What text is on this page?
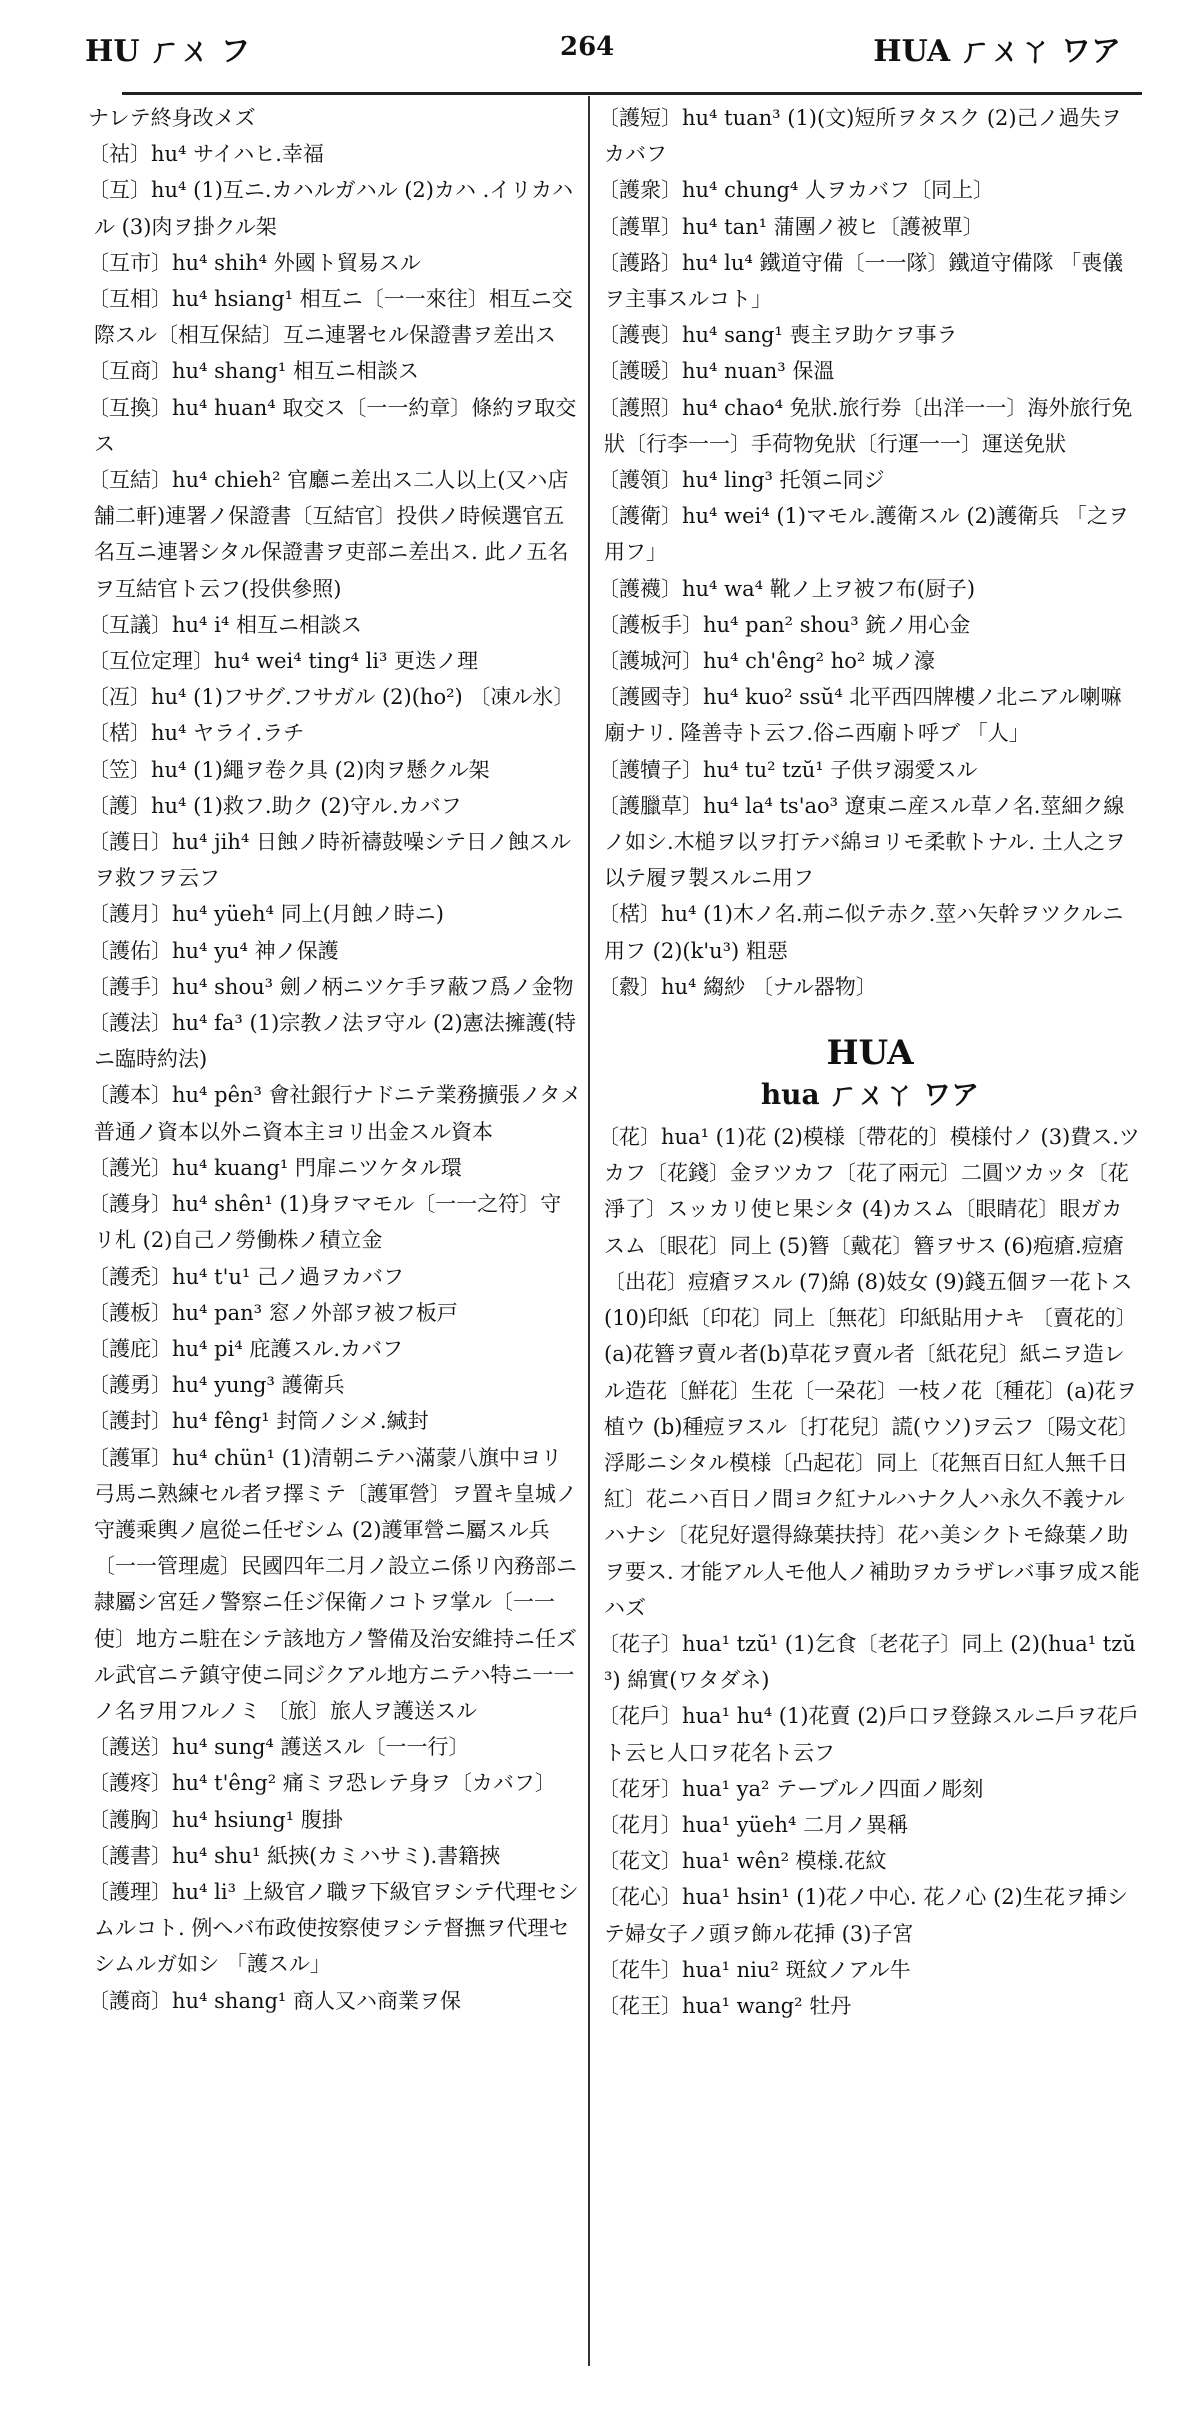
HU ㄏㄨ フ	264	HUA ㄏㄨㄚ ワア

ナレテ終身改メズ

〔祜〕hu⁴ サイハヒ.幸福

〔互〕hu⁴ (1)互ニ.カハルガハル (2)カハ .イリカハル (3)肉ヲ掛クル架

〔互市〕hu⁴ shih⁴ 外國ト貿易スル

〔互相〕hu⁴ hsiang¹ 相互ニ〔一一來往〕相互ニ交際スル〔相互保結〕互ニ連署セル保證書ヲ差出ス

〔互商〕hu⁴ shang¹ 相互ニ相談ス

〔互換〕hu⁴ huan⁴ 取交ス〔一一約章〕條約ヲ取交ス

〔互結〕hu⁴ chieh² 官廳ニ差出ス二人以上(又ハ店舗二軒)連署ノ保證書〔互結官〕投供ノ時候選官五名互ニ連署シタル保證書ヲ吏部ニ差出ス. 此ノ五名ヲ互結官ト云フ(投供參照)

〔互議〕hu⁴ i⁴ 相互ニ相談ス

〔互位定理〕hu⁴ wei⁴ ting⁴ li³ 更迭ノ理

〔冱〕hu⁴ (1)フサグ.フサガル (2)(ho²) 〔凍ル氷〕

〔楛〕hu⁴ ヤライ.ラチ

〔笠〕hu⁴ (1)繩ヲ卷ク具 (2)肉ヲ懸クル架

〔護〕hu⁴ (1)救フ.助ク (2)守ル.カバフ

〔護日〕hu⁴ jih⁴ 日蝕ノ時祈禱鼓噪シテ日ノ蝕スルヲ救フヲ云フ

〔護月〕hu⁴ yüeh⁴ 同上(月蝕ノ時ニ)

〔護佑〕hu⁴ yu⁴ 神ノ保護

〔護手〕hu⁴ shou³ 劍ノ柄ニツケ手ヲ蔽フ爲ノ金物

〔護法〕hu⁴ fa³ (1)宗教ノ法ヲ守ル (2)憲法擁護(特ニ臨時約法)

〔護本〕hu⁴ pên³ 會社銀行ナドニテ業務擴張ノタメ普通ノ資本以外ニ資本主ヨリ出金スル資本

〔護光〕hu⁴ kuang¹ 門扉ニツケタル環

〔護身〕hu⁴ shên¹ (1)身ヲマモル〔一一之符〕守リ札 (2)自己ノ勞働株ノ積立金

〔護禿〕hu⁴ t'u¹ 己ノ過ヲカバフ

〔護板〕hu⁴ pan³ 窓ノ外部ヲ被フ板戸

〔護庇〕hu⁴ pi⁴ 庇護スル.カバフ

〔護勇〕hu⁴ yung³ 護衛兵

〔護封〕hu⁴ fêng¹ 封筒ノシメ.緘封

〔護軍〕hu⁴ chün¹ (1)清朝ニテハ滿蒙八旗中ヨリ弓馬ニ熟練セル者ヲ擇ミテ〔護軍營〕ヲ置キ皇城ノ守護乘輿ノ扈從ニ任ゼシム (2)護軍營ニ屬スル兵〔一一管理處〕民國四年二月ノ設立ニ係リ內務部ニ隷屬シ宮廷ノ警察ニ任ジ保衛ノコトヲ掌ル〔一一使〕地方ニ駐在シテ該地方ノ警備及治安維持ニ任ズル武官ニテ鎮守使ニ同ジクアル地方ニテハ特ニ一一ノ名ヲ用フルノミ 〔旅〕旅人ヲ護送スル

〔護送〕hu⁴ sung⁴ 護送スル〔一一行〕

〔護疼〕hu⁴ t'êng² 痛ミヲ恐レテ身ヲ〔カバフ〕

〔護胸〕hu⁴ hsiung¹ 腹掛

〔護書〕hu⁴ shu¹ 紙挾(カミハサミ).書籍挾

〔護理〕hu⁴ li³ 上級官ノ職ヲ下級官ヲシテ代理セシムルコト. 例ヘバ布政使按察使ヲシテ督撫ヲ代理セシムルガ如シ 「護スル」

〔護商〕hu⁴ shang¹ 商人又ハ商業ヲ保

〔護短〕hu⁴ tuan³ (1)(文)短所ヲタスク (2)己ノ過失ヲカバフ

〔護衆〕hu⁴ chung⁴ 人ヲカバフ〔同上〕

〔護單〕hu⁴ tan¹ 蒲團ノ被ヒ〔護被單〕

〔護路〕hu⁴ lu⁴ 鐵道守備〔一一隊〕鐵道守備隊 「喪儀ヲ主事スルコト」

〔護喪〕hu⁴ sang¹ 喪主ヲ助ケヲ事ラ

〔護暖〕hu⁴ nuan³ 保溫

〔護照〕hu⁴ chao⁴ 免狀.旅行券〔出洋一一〕海外旅行免狀〔行李一一〕手荷物免狀〔行運一一〕運送免狀

〔護領〕hu⁴ ling³ 托領ニ同ジ

〔護衛〕hu⁴ wei⁴ (1)マモル.護衛スル (2)護衛兵 「之ヲ用フ」

〔護襪〕hu⁴ wa⁴ 靴ノ上ヲ被フ布(厨子)

〔護板手〕hu⁴ pan² shou³ 銃ノ用心金

〔護城河〕hu⁴ ch'êng² ho² 城ノ濠

〔護國寺〕hu⁴ kuo² ssŭ⁴ 北平西四牌樓ノ北ニアル喇嘛廟ナリ. 隆善寺ト云フ.俗ニ西廟ト呼ブ 「人」

〔護犢子〕hu⁴ tu² tzŭ¹ 子供ヲ溺愛スル

〔護臘草〕hu⁴ la⁴ ts'ao³ 遼東ニ産スル草ノ名.莖細ク線ノ如シ.木槌ヲ以ヲ打テバ綿ヨリモ柔軟トナル. 土人之ヲ以テ履ヲ製スルニ用フ

〔楛〕hu⁴ (1)木ノ名.荊ニ似テ赤ク.莖ハ矢幹ヲツクルニ用フ (2)(k'u³) 粗惡

〔縠〕hu⁴ 縐紗 〔ナル器物〕

HUA
hua ㄏㄨㄚ ワア

〔花〕hua¹ (1)花 (2)模様〔帶花的〕模様付ノ (3)費ス.ツカフ〔花錢〕金ヲツカフ〔花了兩元〕二圓ツカッタ〔花淨了〕スッカリ使ヒ果シタ (4)カスム〔眼睛花〕眼ガカスム〔眼花〕同上 (5)簪〔戴花〕簪ヲサス (6)疱瘡.痘瘡〔出花〕痘瘡ヲスル (7)綿 (8)妓女 (9)錢五個ヲ一花トス (10)印紙〔印花〕同上〔無花〕印紙貼用ナキ 〔賣花的〕(a)花簪ヲ賣ル者(b)草花ヲ賣ル者〔紙花兒〕紙ニヲ造レル造花〔鮮花〕生花〔一朶花〕一枝ノ花〔種花〕(a)花ヲ植ウ (b)種痘ヲスル〔打花兒〕謊(ウソ)ヲ云フ〔陽文花〕浮彫ニシタル模様〔凸起花〕同上〔花無百日紅人無千日紅〕花ニハ百日ノ間ヨク紅ナルハナク人ハ永久不義ナルハナシ〔花兒好還得綠葉扶持〕花ハ美シクトモ綠葉ノ助ヲ要ス. 才能アル人モ他人ノ補助ヲカラザレバ事ヲ成ス能ハズ

〔花子〕hua¹ tzŭ¹ (1)乞食〔老花子〕同上 (2)(hua¹ tzŭ³) 綿實(ワタダネ)

〔花戶〕hua¹ hu⁴ (1)花賣 (2)戶口ヲ登錄スルニ戶ヲ花戶ト云ヒ人口ヲ花名ト云フ

〔花牙〕hua¹ ya² テーブルノ四面ノ彫刻

〔花月〕hua¹ yüeh⁴ 二月ノ異稱

〔花文〕hua¹ wên² 模様.花紋

〔花心〕hua¹ hsin¹ (1)花ノ中心. 花ノ心 (2)生花ヲ挿シテ婦女子ノ頭ヲ飾ル花挿 (3)子宮

〔花牛〕hua¹ niu² 斑紋ノアル牛

〔花王〕hua¹ wang² 牡丹
